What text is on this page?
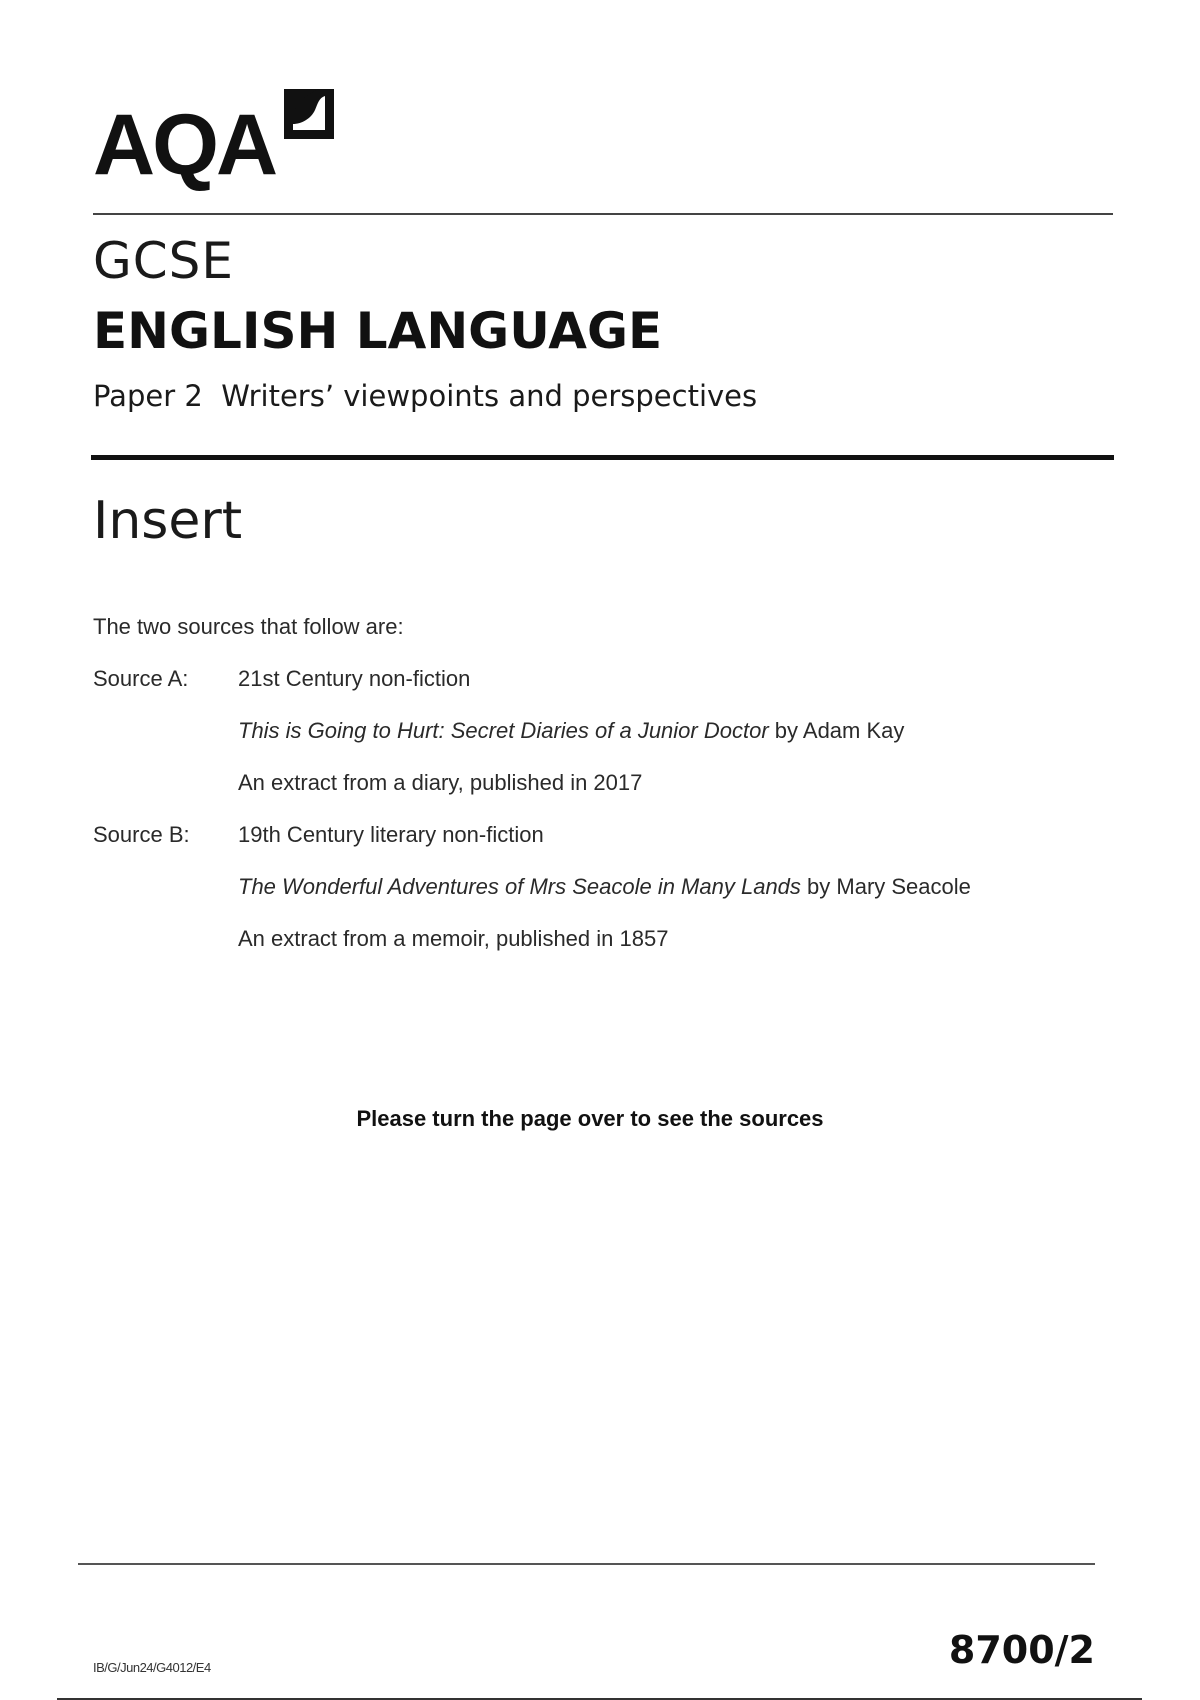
AQA
GCSE
ENGLISH LANGUAGE
Paper 2  Writers’ viewpoints and perspectives
Insert
The two sources that follow are:
Source A:	21st Century non-fiction
This is Going to Hurt: Secret Diaries of a Junior Doctor by Adam Kay
An extract from a diary, published in 2017
Source B:	19th Century literary non-fiction
The Wonderful Adventures of Mrs Seacole in Many Lands by Mary Seacole
An extract from a memoir, published in 1857
Please turn the page over to see the sources
IB/G/Jun24/G4012/E4	8700/2
